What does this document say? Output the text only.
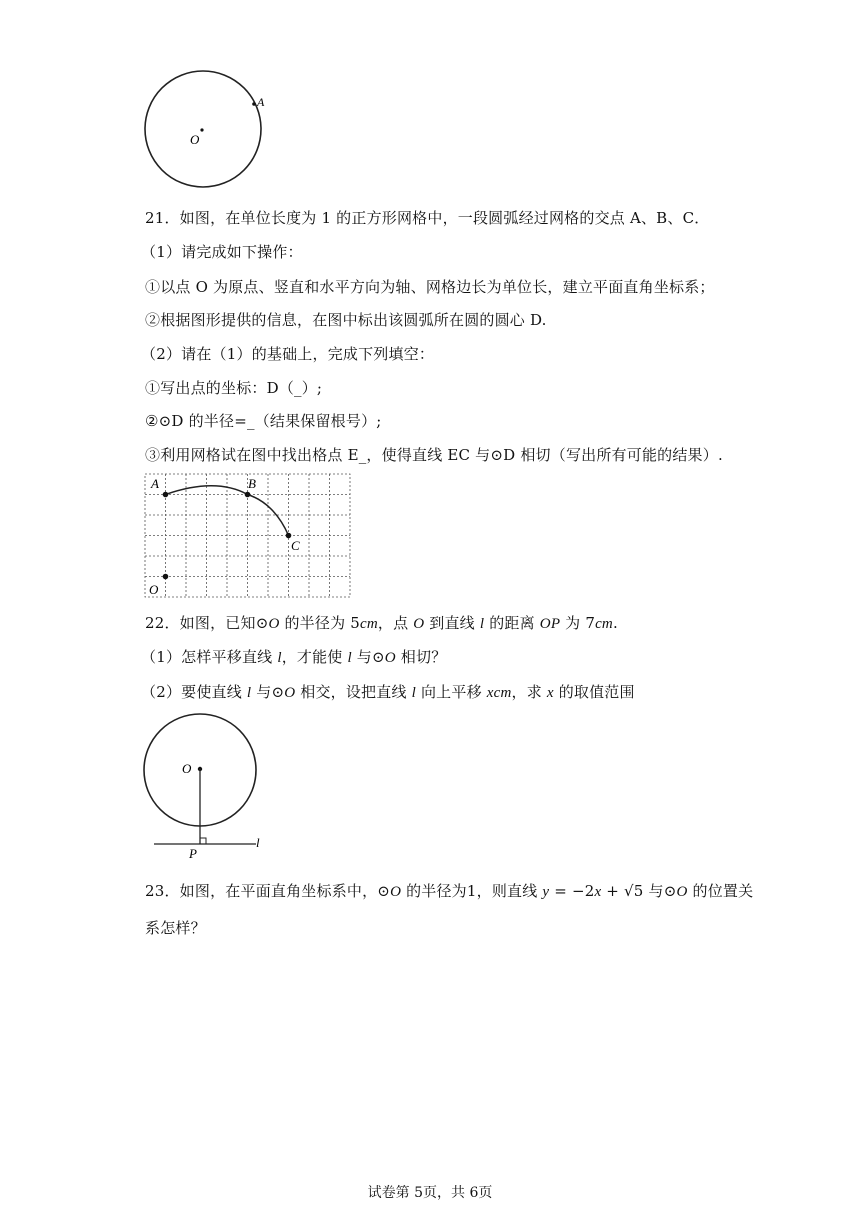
A
O
21．如图，在单位长度为 1 的正方形网格中，一段圆弧经过网格的交点 A、B、C．
（1）请完成如下操作：
①以点 O 为原点、竖直和水平方向为轴、网格边长为单位长，建立平面直角坐标系；
②根据图形提供的信息，在图中标出该圆弧所在圆的圆心 D.
（2）请在（1）的基础上，完成下列填空：
①写出点的坐标：D（_）;
②⊙D 的半径=_（结果保留根号）;
③利用网格试在图中找出格点 E_，使得直线 EC 与⊙D 相切（写出所有可能的结果）.
A	B
C
O
22．如图，已知⊙O 的半径为 5cm，点 O 到直线 l 的距离 OP 为 7cm.
（1）怎样平移直线 l，才能使 l 与⊙O 相切？
（2）要使直线 l 与⊙O 相交，设把直线 l 向上平移 xcm，求 x 的取值范围
O
P
l
23．如图，在平面直角坐标系中，⊙O 的半径为1，则直线 y = −2x + √5 与⊙O 的位置关
系怎样？
试卷第 5页，共 6页
